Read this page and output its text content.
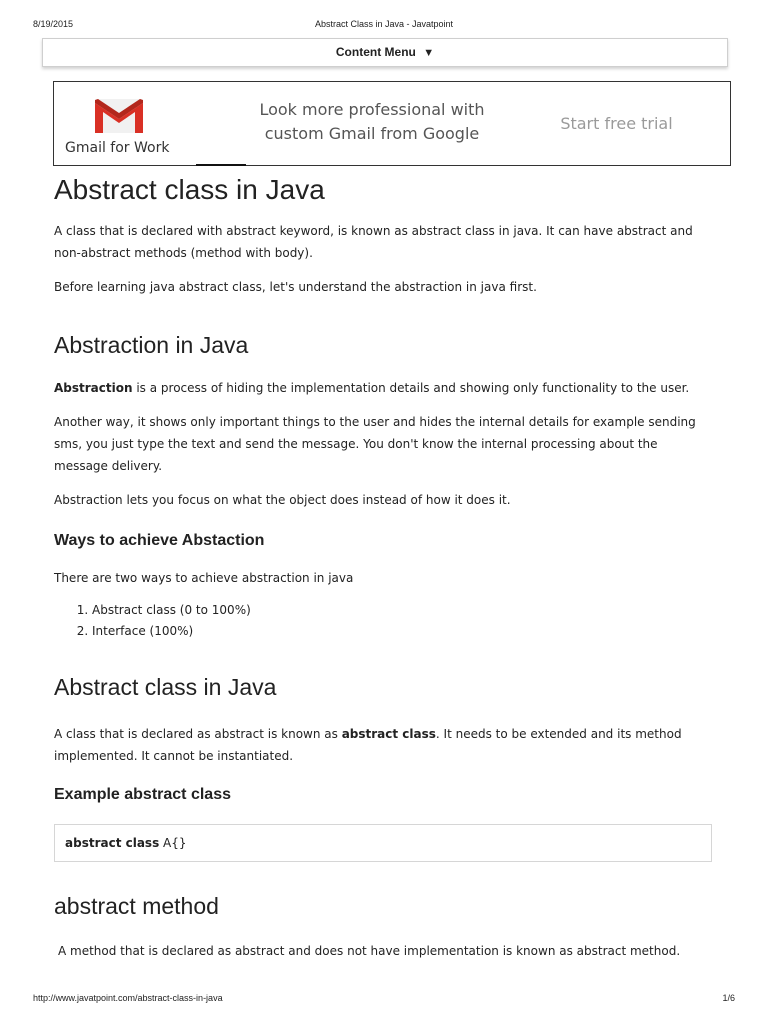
8/19/2015	Abstract Class in Java - Javatpoint
Content Menu ▼
Gmail for Work
Look more professional with
custom Gmail from Google
Start free trial
Abstract class in Java

A class that is declared with abstract keyword, is known as abstract class in java. It can have abstract and non-abstract methods (method with body).

Before learning java abstract class, let's understand the abstraction in java first.

Abstraction in Java

Abstraction is a process of hiding the implementation details and showing only functionality to the user.

Another way, it shows only important things to the user and hides the internal details for example sending sms, you just type the text and send the message. You don't know the internal processing about the message delivery.

Abstraction lets you focus on what the object does instead of how it does it.

Ways to achieve Abstaction

There are two ways to achieve abstraction in java

1. Abstract class (0 to 100%)
2. Interface (100%)
Abstract class in Java

A class that is declared as abstract is known as abstract class. It needs to be extended and its method implemented. It cannot be instantiated.

Example abstract class
abstract class A{}
abstract method

A method that is declared as abstract and does not have implementation is known as abstract method.

http://www.javatpoint.com/abstract-class-in-java	1/6
